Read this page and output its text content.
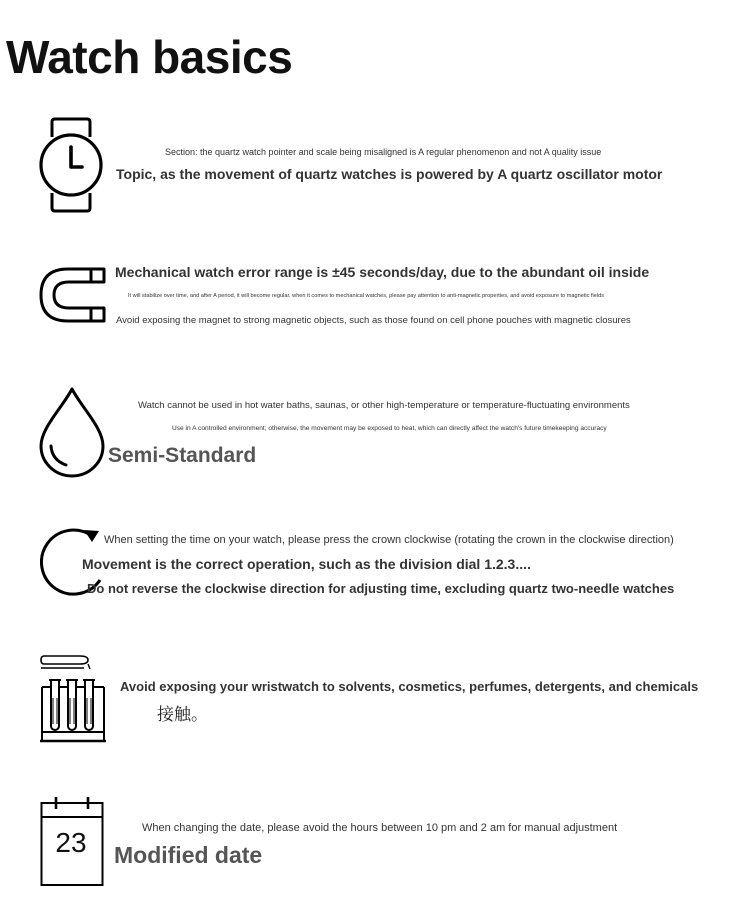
Watch basics
Section: the quartz watch pointer and scale being misaligned is A regular phenomenon and not A quality issue
Topic, as the movement of quartz watches is powered by A quartz oscillator motor
Mechanical watch error range is ±45 seconds/day, due to the abundant oil inside
It will stabilize over time, and after A period, it will become regular. when it comes to mechanical watches, please pay attention to anti-magnetic properties, and avoid exposure to magnetic fields
Avoid exposing the magnet to strong magnetic objects, such as those found on cell phone pouches with magnetic closures
Watch cannot be used in hot water baths, saunas, or other high-temperature or temperature-fluctuating environments
Use in A controlled environment; otherwise, the movement may be exposed to heat, which can directly affect the watch's future timekeeping accuracy
Semi-Standard
When setting the time on your watch, please press the crown clockwise (rotating the crown in the clockwise direction)
Movement is the correct operation, such as the division dial 1.2.3....
Do not reverse the clockwise direction for adjusting time, excluding quartz two-needle watches
Avoid exposing your wristwatch to solvents, cosmetics, perfumes, detergents, and chemicals
接触。
23	When changing the date, please avoid the hours between 10 pm and 2 am for manual adjustment
Modified date
